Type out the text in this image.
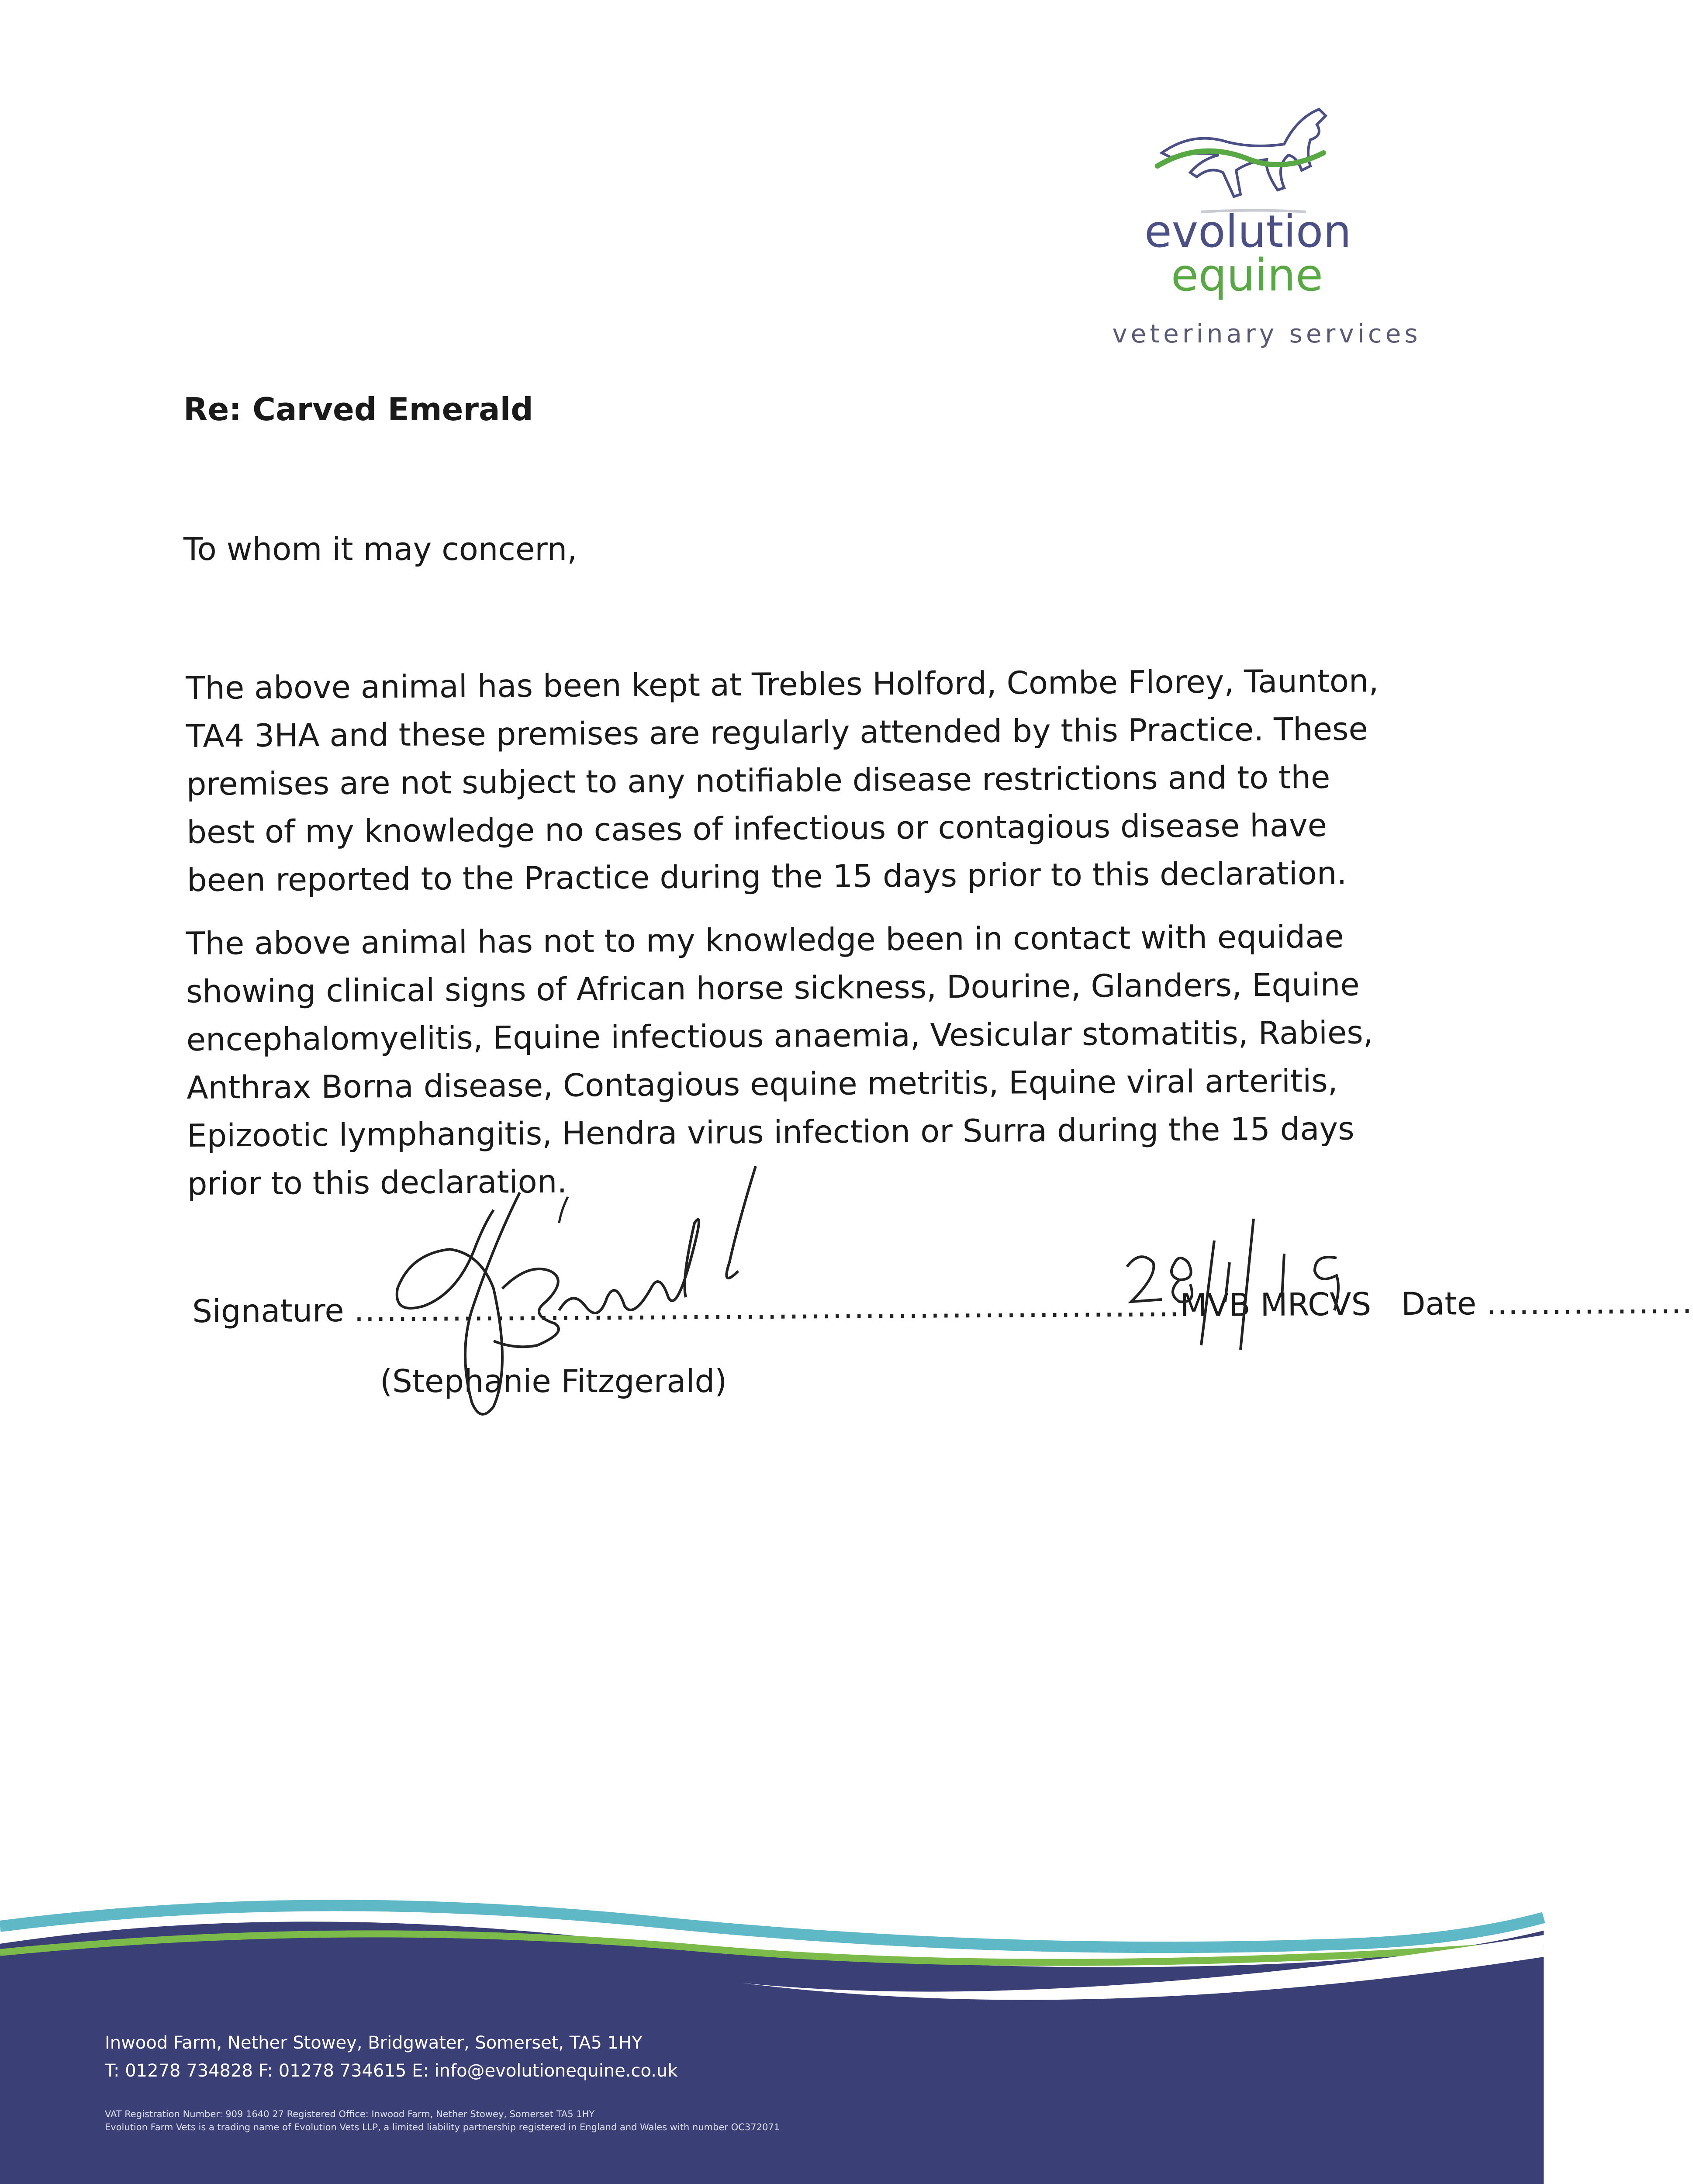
evolution
equine
veterinary services
Re: Carved Emerald
To whom it may concern,
The above animal has been kept at Trebles Holford, Combe Florey, Taunton, TA4 3HA and these premises are regularly attended by this Practice. These premises are not subject to any notifiable disease restrictions and to the best of my knowledge no cases of infectious or contagious disease have been reported to the Practice during the 15 days prior to this declaration.
The above animal has not to my knowledge been in contact with equidae showing clinical signs of African horse sickness, Dourine, Glanders, Equine encephalomyelitis, Equine infectious anaemia, Vesicular stomatitis, Rabies, Anthrax Borna disease, Contagious equine metritis, Equine viral arteritis, Epizootic lymphangitis, Hendra virus infection or Surra during the 15 days prior to this declaration.
Signature ............................................................................MVB MRCVS Date ...................
(Stephanie Fitzgerald)
www.evolutionequine.co.uk
Inwood Farm, Nether Stowey, Bridgwater, Somerset, TA5 1HY
T: 01278 734828 F: 01278 734615 E: info@evolutionequine.co.uk
VAT Registration Number: 909 1640 27 Registered Office: Inwood Farm, Nether Stowey, Somerset TA5 1HY
Evolution Farm Vets is a trading name of Evolution Vets LLP, a limited liability partnership registered in England and Wales with number OC372071
